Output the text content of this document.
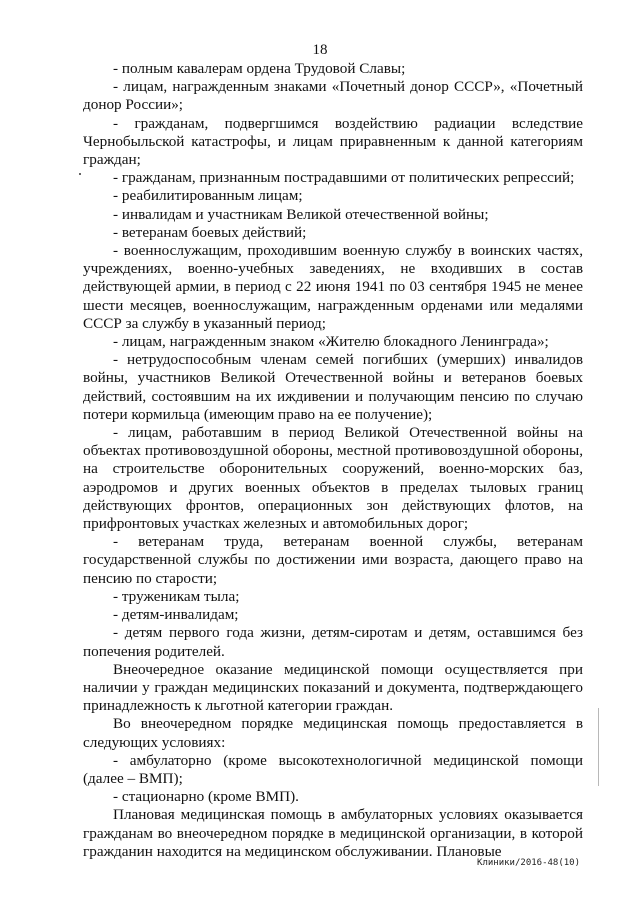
18

- полным кавалерам ордена Трудовой Славы;

- лицам, награжденным знаками «Почетный донор СССР», «Почетный донор России»;

- гражданам, подвергшимся воздействию радиации вследствие Чернобыльской катастрофы, и лицам приравненным к данной категориям граждан;

- гражданам, признанным пострадавшими от политических репрессий;

- реабилитированным лицам;

- инвалидам и участникам Великой отечественной войны;

- ветеранам боевых действий;

- военнослужащим, проходившим военную службу в воинских частях, учреждениях, военно-учебных заведениях, не входивших в состав действующей армии, в период с 22 июня 1941 по 03 сентября 1945 не менее шести месяцев, военнослужащим, награжденным орденами или медалями СССР за службу в указанный период;

- лицам, награжденным знаком «Жителю блокадного Ленинграда»;

- нетрудоспособным членам семей погибших (умерших) инвалидов войны, участников Великой Отечественной войны и ветеранов боевых действий, состоявшим на их иждивении и получающим пенсию по случаю потери кормильца (имеющим право на ее получение);

- лицам, работавшим в период Великой Отечественной войны на объектах противовоздушной обороны, местной противовоздушной обороны, на строительстве оборонительных сооружений, военно-морских баз, аэродромов и других военных объектов в пределах тыловых границ действующих фронтов, операционных зон действующих флотов, на прифронтовых участках железных и автомобильных дорог;

- ветеранам труда, ветеранам военной службы, ветеранам государственной службы по достижении ими возраста, дающего право на пенсию по старости;

- труженикам тыла;

- детям-инвалидам;

- детям первого года жизни, детям-сиротам и детям, оставшимся без попечения родителей.

Внеочередное оказание медицинской помощи осуществляется при наличии у граждан медицинских показаний и документа, подтверждающего принадлежность к льготной категории граждан.

Во внеочередном порядке медицинская помощь предоставляется в следующих условиях:

- амбулаторно (кроме высокотехнологичной медицинской помощи (далее – ВМП);

- стационарно (кроме ВМП).

Плановая медицинская помощь в амбулаторных условиях оказывается гражданам во внеочередном порядке в медицинской организации, в которой гражданин находится на медицинском обслуживании. Плановые

Клиники/2016-48(10)
